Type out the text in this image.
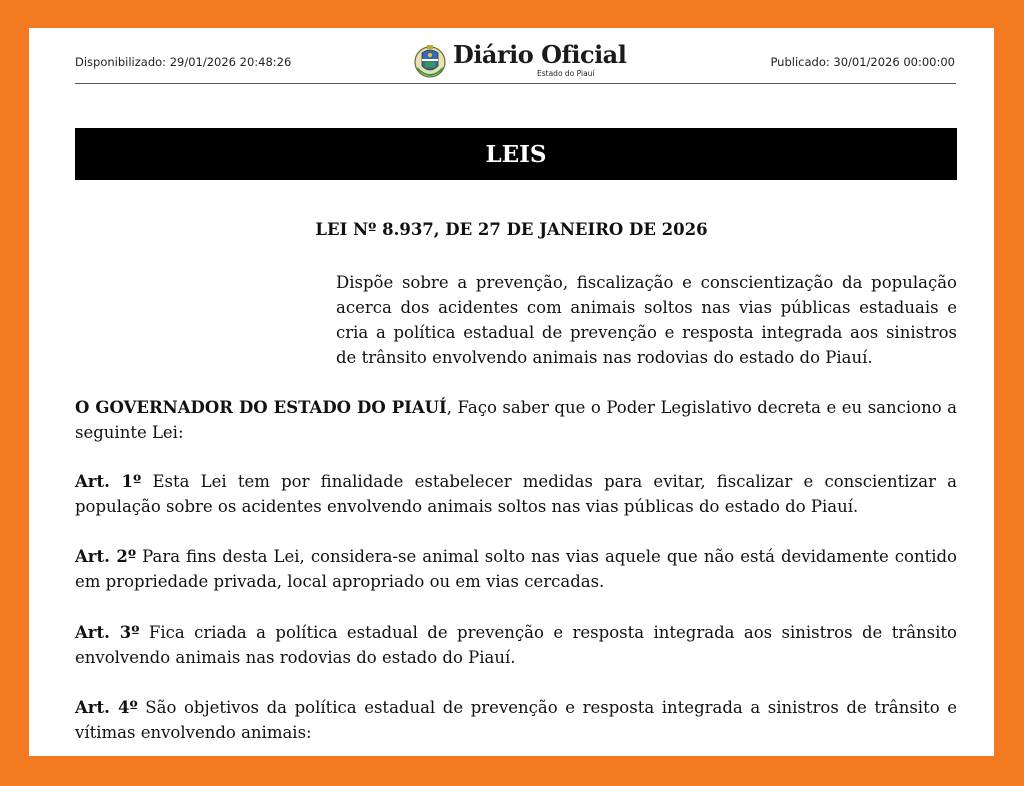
Disponibilizado: 29/01/2026 20:48:26	Diário Oficial
Estado do Piauí
Publicado: 30/01/2026 00:00:00
LEIS
LEI Nº 8.937, DE 27 DE JANEIRO DE 2026
Dispõe sobre a prevenção, fiscalização e conscientização da população acerca dos acidentes com animais soltos nas vias públicas estaduais e cria a política estadual de prevenção e resposta integrada aos sinistros de trânsito envolvendo animais nas rodovias do estado do Piauí.
O GOVERNADOR DO ESTADO DO PIAUÍ, Faço saber que o Poder Legislativo decreta e eu sanciono a seguinte Lei:
Art. 1º Esta Lei tem por finalidade estabelecer medidas para evitar, fiscalizar e conscientizar a população sobre os acidentes envolvendo animais soltos nas vias públicas do estado do Piauí.
Art. 2º Para fins desta Lei, considera-se animal solto nas vias aquele que não está devidamente contido em propriedade privada, local apropriado ou em vias cercadas.
Art. 3º Fica criada a política estadual de prevenção e resposta integrada aos sinistros de trânsito envolvendo animais nas rodovias do estado do Piauí.
Art. 4º São objetivos da política estadual de prevenção e resposta integrada a sinistros de trânsito e vítimas envolvendo animais:
